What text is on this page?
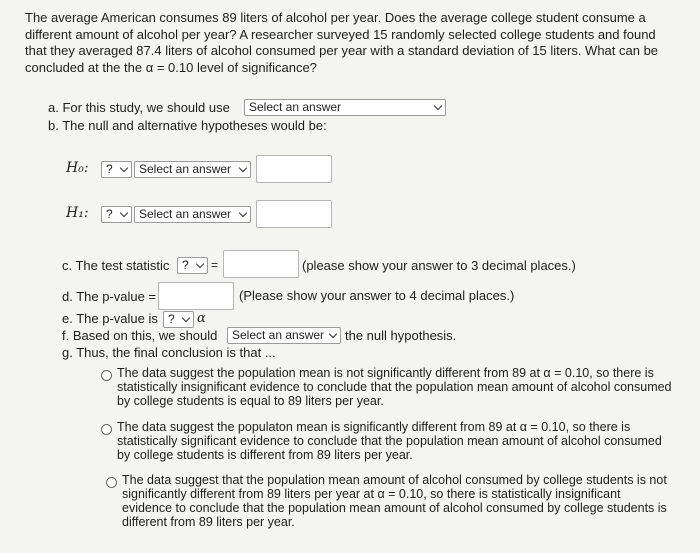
The average American consumes 89 liters of alcohol per year. Does the average college student consume a different amount of alcohol per year? A researcher surveyed 15 randomly selected college students and found that they averaged 87.4 liters of alcohol consumed per year with a standard deviation of 15 liters. What can be concluded at the the α = 0.10 level of significance?
a. For this study, we should use	Select an answer
b. The null and alternative hypotheses would be:
H₀:	?	Select an answer
H₁:	?	Select an answer
c. The test statistic	?	=	(please show your answer to 3 decimal places.)
d. The p-value =	(Please show your answer to 4 decimal places.)
e. The p-value is ?	α
f. Based on this, we should	Select an answer	the null hypothesis.
g. Thus, the final conclusion is that ...
The data suggest the population mean is not significantly different from 89 at α = 0.10, so there is statistically insignificant evidence to conclude that the population mean amount of alcohol consumed by college students is equal to 89 liters per year.
The data suggest the populaton mean is significantly different from 89 at α = 0.10, so there is statistically significant evidence to conclude that the population mean amount of alcohol consumed by college students is different from 89 liters per year.
The data suggest that the population mean amount of alcohol consumed by college students is not significantly different from 89 liters per year at α = 0.10, so there is statistically insignificant evidence to conclude that the population mean amount of alcohol consumed by college students is different from 89 liters per year.
